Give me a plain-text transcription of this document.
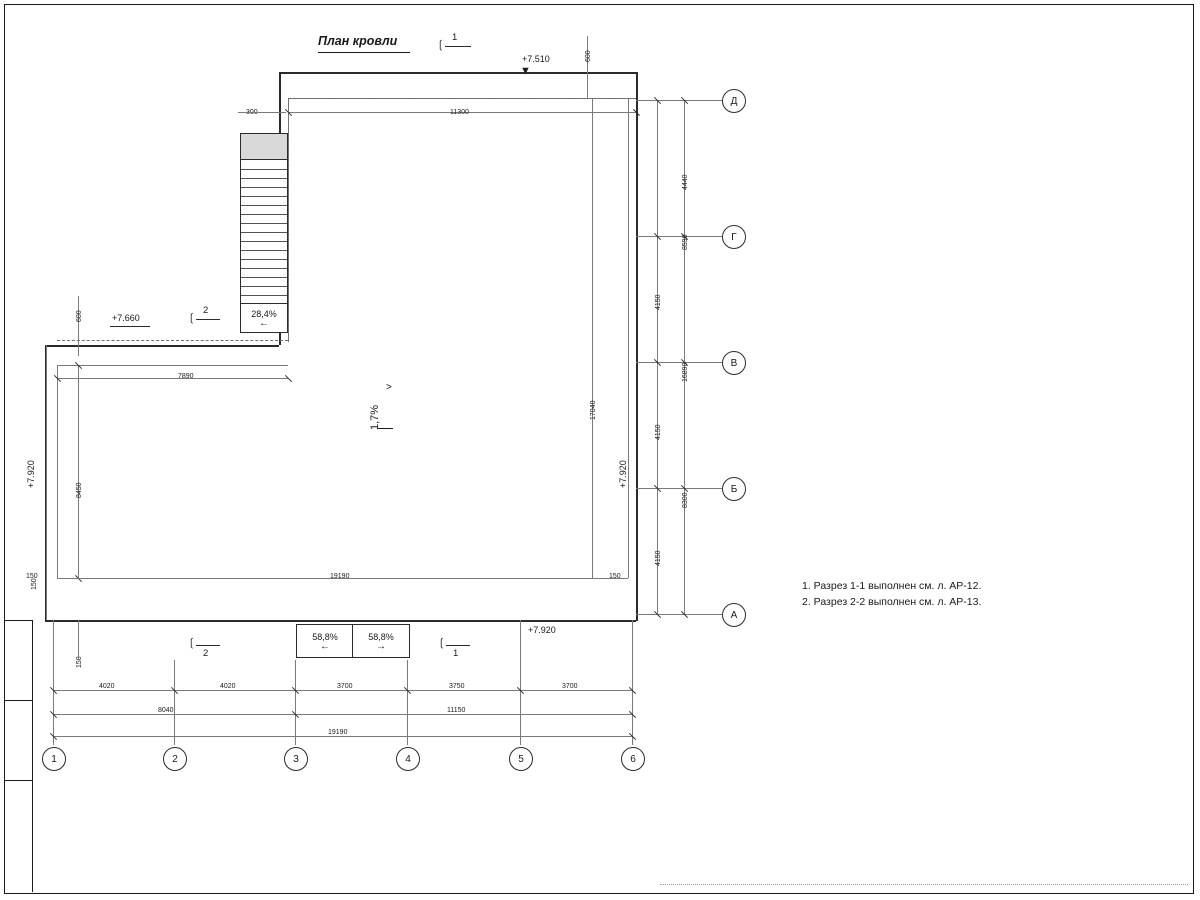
План кровли
1. Разрез 1-1 выполнен см. л. АР-12.
2. Разрез 2-2 выполнен см. л. АР-13.
28,4%
←
1,7%
>
+7.510
▼
+7.660
+7.920	+7.920
+7.920
1
❲
2
❲
2
❲
1
❲
58,8%
←
58,8%
→
600
300	11300
4150
4150
4150
4440
8590
16890
8300
17040
Д
Г
В
Б
А
600
150
8450
150
7890
150	19190	150
4020	4020	3700	3750	3700
8040	11150
19190
1	2	3	4	5	6
